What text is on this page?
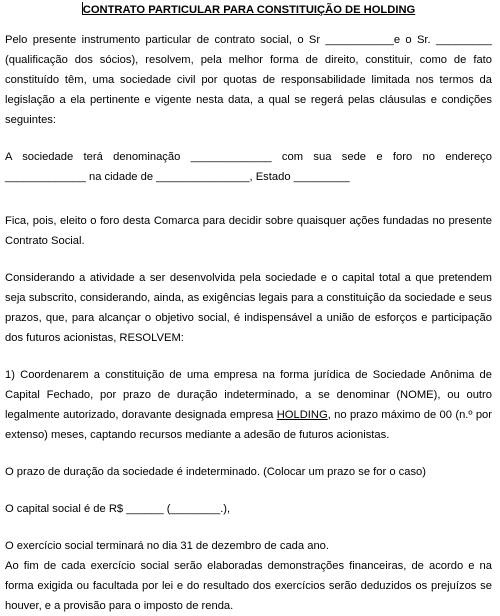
CONTRATO PARTICULAR PARA CONSTITUIÇÃO DE HOLDING

Pelo presente instrumento particular de contrato social, o Sr ___________e o Sr. _________ (qualificação dos sócios), resolvem, pela melhor forma de direito, constituir, como de fato constituído têm, uma sociedade civil por quotas de responsabilidade limitada nos termos da legislação a ela pertinente e vigente nesta data, a qual se regerá pelas cláusulas e condições seguintes:

A sociedade terá denominação _____________ com sua sede e foro no endereço _____________ na cidade de _______________, Estado _________

Fica, pois, eleito o foro desta Comarca para decidir sobre quaisquer ações fundadas no presente Contrato Social.

Considerando a atividade a ser desenvolvida pela sociedade e o capital total a que pretendem seja subscrito, considerando, ainda, as exigências legais para a constituição da sociedade e seus prazos, que, para alcançar o objetivo social, é indispensável a união de esforços e participação dos futuros acionistas, RESOLVEM:

1) Coordenarem a constituição de uma empresa na forma jurídica de Sociedade Anônima de Capital Fechado, por prazo de duração indeterminado, a se denominar (NOME), ou outro legalmente autorizado, doravante designada empresa HOLDING, no prazo máximo de 00 (n.º por extenso) meses, captando recursos mediante a adesão de futuros acionistas.

O prazo de duração da sociedade é indeterminado. (Colocar um prazo se for o caso)

O capital social é de R$ ______ (________.),

O exercício social terminará no dia 31 de dezembro de cada ano.

Ao fim de cada exercício social serão elaboradas demonstrações financeiras, de acordo e na forma exigida ou facultada por lei e do resultado dos exercícios serão deduzidos os prejuízos se houver, e a provisão para o imposto de renda.
